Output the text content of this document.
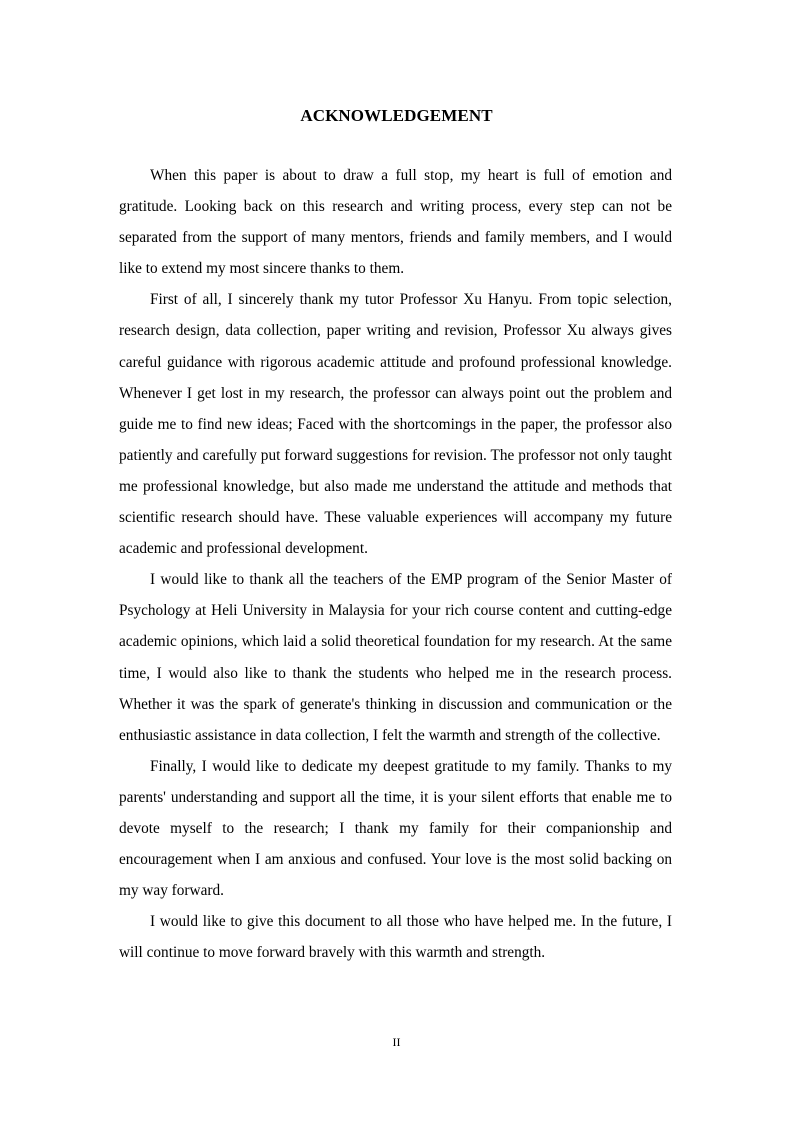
ACKNOWLEDGEMENT

When this paper is about to draw a full stop, my heart is full of emotion and gratitude. Looking back on this research and writing process, every step can not be separated from the support of many mentors, friends and family members, and I would like to extend my most sincere thanks to them.

First of all, I sincerely thank my tutor Professor Xu Hanyu. From topic selection, research design, data collection, paper writing and revision, Professor Xu always gives careful guidance with rigorous academic attitude and profound professional knowledge. Whenever I get lost in my research, the professor can always point out the problem and guide me to find new ideas; Faced with the shortcomings in the paper, the professor also patiently and carefully put forward suggestions for revision. The professor not only taught me professional knowledge, but also made me understand the attitude and methods that scientific research should have. These valuable experiences will accompany my future academic and professional development.

I would like to thank all the teachers of the EMP program of the Senior Master of Psychology at Heli University in Malaysia for your rich course content and cutting-edge academic opinions, which laid a solid theoretical foundation for my research. At the same time, I would also like to thank the students who helped me in the research process. Whether it was the spark of generate's thinking in discussion and communication or the enthusiastic assistance in data collection, I felt the warmth and strength of the collective.

Finally, I would like to dedicate my deepest gratitude to my family. Thanks to my parents' understanding and support all the time, it is your silent efforts that enable me to devote myself to the research; I thank my family for their companionship and encouragement when I am anxious and confused. Your love is the most solid backing on my way forward.

I would like to give this document to all those who have helped me. In the future, I will continue to move forward bravely with this warmth and strength.

II
